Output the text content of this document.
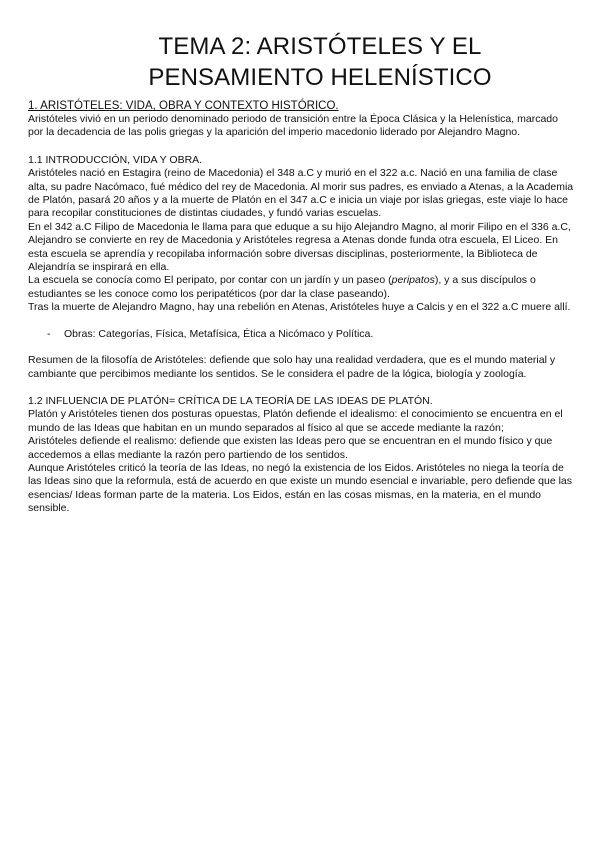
TEMA 2: ARISTÓTELES Y EL
PENSAMIENTO HELENÍSTICO

1. ARISTÓTELES: VIDA, OBRA Y CONTEXTO HISTÓRICO.

Aristóteles vivió en un periodo denominado periodo de transición entre la Época Clásica y la Helenística, marcado por la decadencia de las polis griegas y la aparición del imperio macedonio liderado por Alejandro Magno.

1.1 INTRODUCCIÓN, VIDA Y OBRA.

Aristóteles nació en Estagira (reino de Macedonia) el 348 a.C y murió en el 322 a.c. Nació en una familia de clase alta, su padre Nacómaco, fué médico del rey de Macedonia. Al morir sus padres, es enviado a Atenas, a la Academia de Platón, pasará 20 años y a la muerte de Platón en el 347 a.C e inicia un viaje por islas griegas, este viaje lo hace para recopilar constituciones de distintas ciudades, y fundó varias escuelas.

En el 342 a.C Filipo de Macedonia le llama para que eduque a su hijo Alejandro Magno, al morir Filipo en el 336 a.C, Alejandro se convierte en rey de Macedonia y Aristóteles regresa a Atenas donde funda otra escuela, El Liceo. En esta escuela se aprendía y recopilaba información sobre diversas disciplinas, posteriormente, la Biblioteca de Alejandría se inspirará en ella.

La escuela se conocía como El peripato, por contar con un jardín y un paseo (peripatos), y a sus discípulos o estudiantes se les conoce como los peripatéticos (por dar la clase paseando).

Tras la muerte de Alejandro Magno, hay una rebelión en Atenas, Aristóteles huye a Calcis y en el 322 a.C muere allí.

-	Obras: Categorías, Física, Metafísica, Ética a Nicómaco y Política.

Resumen de la filosofía de Aristóteles: defiende que solo hay una realidad verdadera, que es el mundo material y cambiante que percibimos mediante los sentidos. Se le considera el padre de la lógica, biología y zoología.

1.2 INFLUENCIA DE PLATÓN= CRÍTICA DE LA TEORÍA DE LAS IDEAS DE PLATÓN.

Platón y Aristóteles tienen dos posturas opuestas, Platón defiende el idealismo: el conocimiento se encuentra en el mundo de las Ideas que habitan en un mundo separados al físico al que se accede mediante la razón;

Aristóteles defiende el realismo: defiende que existen las Ideas pero que se encuentran en el mundo físico y que accedemos a ellas mediante la razón pero partiendo de los sentidos.

Aunque Aristóteles criticó la teoría de las Ideas, no negó la existencia de los Eidos. Aristóteles no niega la teoría de las Ideas sino que la reformula, está de acuerdo en que existe un mundo esencial e invariable, pero defiende que las esencias/ Ideas forman parte de la materia. Los Eidos, están en las cosas mismas, en la materia, en el mundo sensible.
